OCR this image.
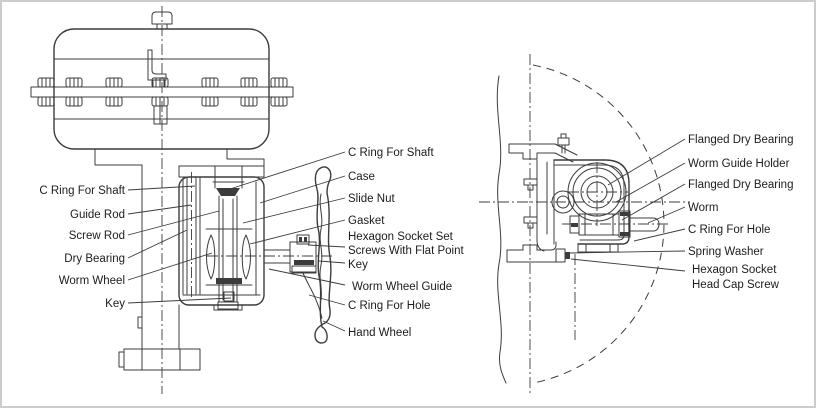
C Ring For Shaft
Guide Rod
Screw Rod
Dry Bearing
Worm Wheel
Key
C Ring For Shaft
Case
Slide Nut
Gasket
Hexagon Socket Set
Screws With Flat Point
Key
Worm Wheel Guide
C Ring For Hole
Hand Wheel
Flanged Dry Bearing
Worm Guide Holder
Flanged Dry Bearing
Worm
C Ring For Hole
Spring Washer
Hexagon Socket
Head Cap Screw
